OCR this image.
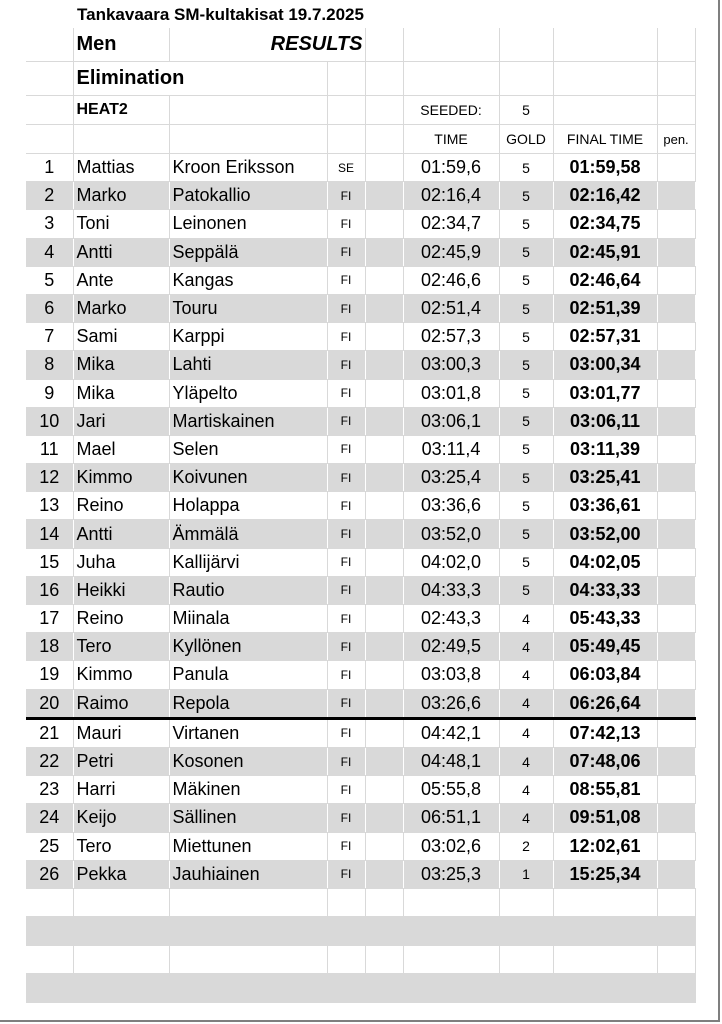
Tankavaara SM-kultakisat 19.7.2025
	Men	RESULTS						
	Elimination							
	HEAT2				SEEDED:	5		
					TIME	GOLD	FINAL TIME	pen.
1	Mattias	Kroon Eriksson	SE		01:59,6	5	01:59,58	
2	Marko	Patokallio	FI		02:16,4	5	02:16,42	
3	Toni	Leinonen	FI		02:34,7	5	02:34,75	
4	Antti	Seppälä	FI		02:45,9	5	02:45,91	
5	Ante	Kangas	FI		02:46,6	5	02:46,64	
6	Marko	Touru	FI		02:51,4	5	02:51,39	
7	Sami	Karppi	FI		02:57,3	5	02:57,31	
8	Mika	Lahti	FI		03:00,3	5	03:00,34	
9	Mika	Yläpelto	FI		03:01,8	5	03:01,77	
10	Jari	Martiskainen	FI		03:06,1	5	03:06,11	
11	Mael	Selen	FI		03:11,4	5	03:11,39	
12	Kimmo	Koivunen	FI		03:25,4	5	03:25,41	
13	Reino	Holappa	FI		03:36,6	5	03:36,61	
14	Antti	Ämmälä	FI		03:52,0	5	03:52,00	
15	Juha	Kallijärvi	FI		04:02,0	5	04:02,05	
16	Heikki	Rautio	FI		04:33,3	5	04:33,33	
17	Reino	Miinala	FI		02:43,3	4	05:43,33	
18	Tero	Kyllönen	FI		02:49,5	4	05:49,45	
19	Kimmo	Panula	FI		03:03,8	4	06:03,84	
20	Raimo	Repola	FI		03:26,6	4	06:26,64	
21	Mauri	Virtanen	FI		04:42,1	4	07:42,13	
22	Petri	Kosonen	FI		04:48,1	4	07:48,06	
23	Harri	Mäkinen	FI		05:55,8	4	08:55,81	
24	Keijo	Sällinen	FI		06:51,1	4	09:51,08	
25	Tero	Miettunen	FI		03:02,6	2	12:02,61	
26	Pekka	Jauhiainen	FI		03:25,3	1	15:25,34	
